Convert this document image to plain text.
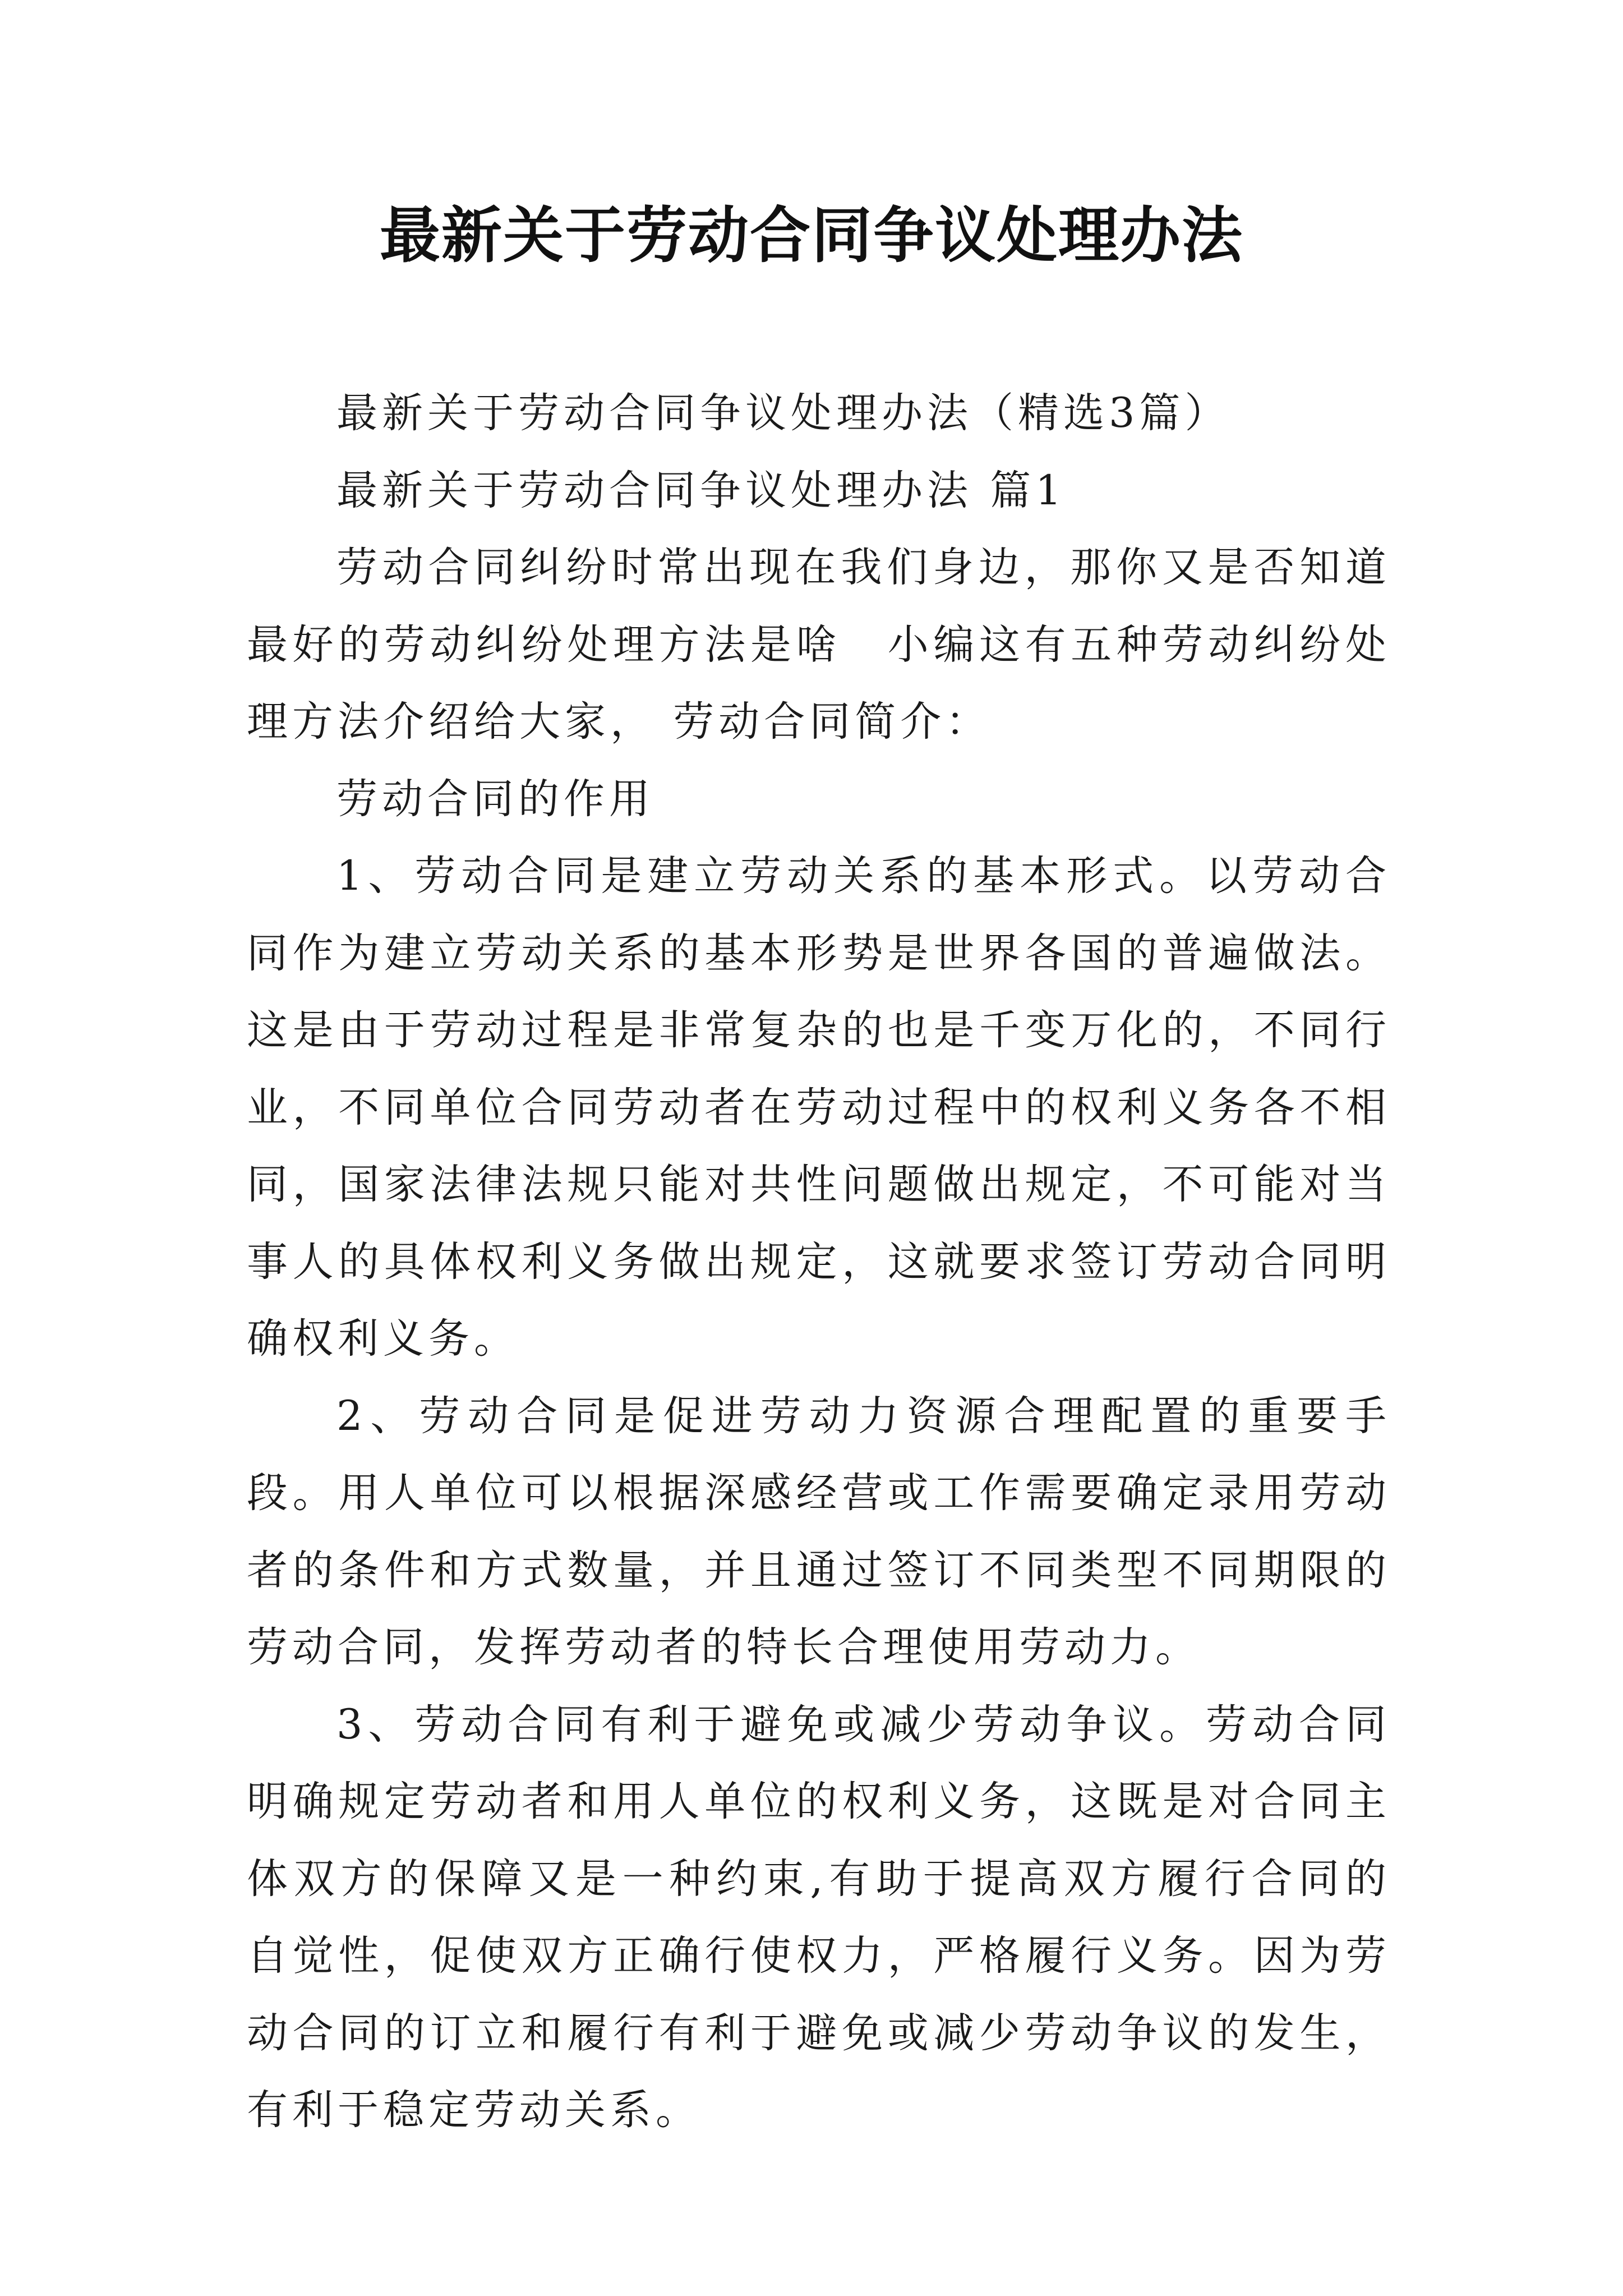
最新关于劳动合同争议处理办法

最新关于劳动合同争议处理办法（精选3篇）

最新关于劳动合同争议处理办法 篇1

劳动合同纠纷时常出现在我们身边，那你又是否知道最好的劳动纠纷处理方法是啥　小编这有五种劳动纠纷处理方法介绍给大家， 劳动合同简介：

劳动合同的作用

1、劳动合同是建立劳动关系的基本形式。以劳动合同作为建立劳动关系的基本形势是世界各国的普遍做法。这是由于劳动过程是非常复杂的也是千变万化的，不同行业，不同单位合同劳动者在劳动过程中的权利义务各不相同，国家法律法规只能对共性问题做出规定，不可能对当事人的具体权利义务做出规定，这就要求签订劳动合同明确权利义务。

2、劳动合同是促进劳动力资源合理配置的重要手段。用人单位可以根据深感经营或工作需要确定录用劳动者的条件和方式数量，并且通过签订不同类型不同期限的劳动合同，发挥劳动者的特长合理使用劳动力。

3、劳动合同有利于避免或减少劳动争议。劳动合同明确规定劳动者和用人单位的权利义务，这既是对合同主体双方的保障又是一种约束,有助于提高双方履行合同的自觉性，促使双方正确行使权力，严格履行义务。因为劳动合同的订立和履行有利于避免或减少劳动争议的发生，有利于稳定劳动关系。
